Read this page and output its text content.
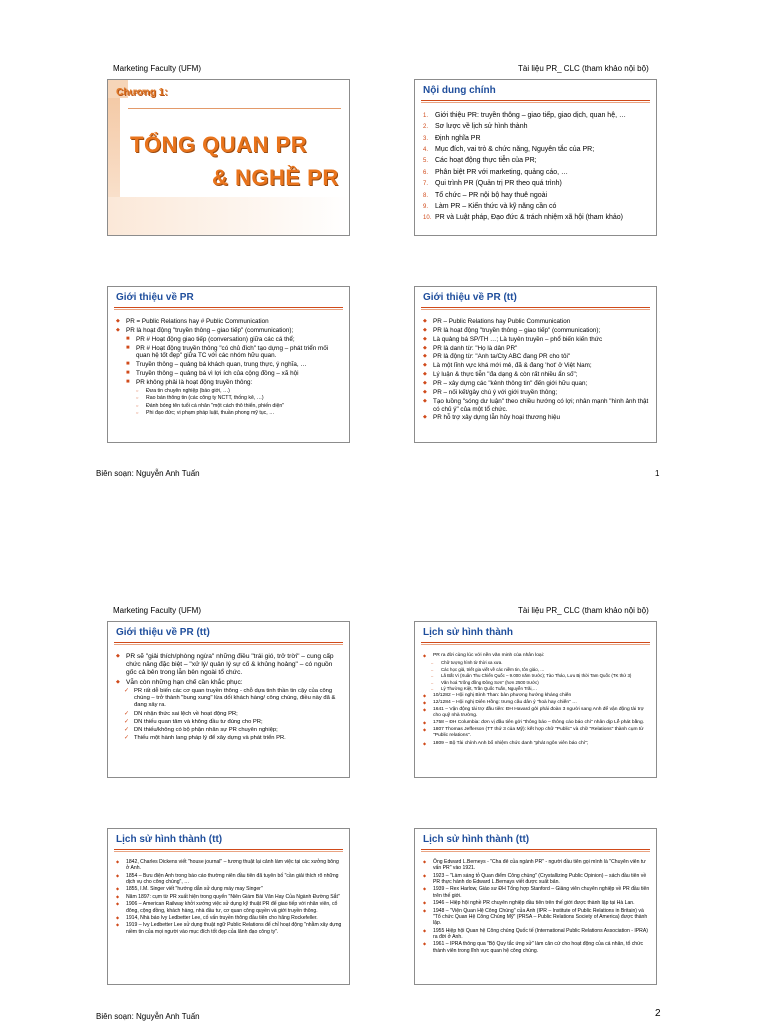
Marketing Faculty (UFM)	Tài liệu PR_ CLC (tham khảo nội bộ)
Chương 1:
TỔNG QUAN PR
& NGHỀ PR
Nội dung chính
1. Giới thiệu PR: truyền thông – giao tiếp, giao dịch, quan hệ, …
2. Sơ lược về lịch sử hình thành
3. Định nghĩa PR
4. Mục đích, vai trò & chức năng, Nguyên tắc của PR;
5. Các hoạt động thực tiễn của PR;
6. Phân biệt PR với marketing, quảng cáo, …
7. Qui trình PR (Quản trị PR theo quá trình)
8. Tổ chức – PR nội bộ hay thuê ngoài
9. Làm PR – Kiến thức và kỹ năng cần có
10. PR và Luật pháp, Đạo đức & trách nhiệm xã hội (tham khảo)
Giới thiệu về PR
◆ PR = Public Relations hay # Public Communication
◆ PR là hoạt động "truyền thông – giao tiếp" (communication);
■	PR # Hoạt động giao tiếp (conversation) giữa các cá thể;
■	PR # Hoạt động truyền thông "có chủ đích" tạo dựng – phát triển mối quan hệ tốt đẹp" giữa TC với các nhóm hữu quan.
■	Truyền thông – quảng bá khách quan, trung thực, ý nghĩa, …
■	Truyền thông – quảng bá vì lợi ích của cộng đồng – xã hội
■	PR không phải là hoạt động truyền thông:
○	Đưa tin chuyên nghiệp (báo giới, …)
○	Rao bán thông tin (các công ty NCTT, thống kê, …)
○	Đánh bóng tên tuổi cá nhân "một cách thô thiển, phiến diện"
○	Phi đạo đức; vi phạm pháp luật, thuần phong mỹ tục, …
Giới thiệu về PR (tt)
◆ PR – Public Relations hay Public Communication
◆ PR là hoạt động "truyền thông – giao tiếp" (communication);
◆ Là quảng bá SP/TH …; Là tuyên truyền – phổ biến kiến thức
◆ PR là danh từ: "Họ là dân PR"
◆ PR là động từ: "Anh ta/Cty ABC đang PR cho tôi"
◆ Là một lĩnh vực khá mới mẻ, đã & đang 'hot' ở Việt Nam;
◆ Lý luận & thực tiễn "đa dạng & còn rất nhiều ẩn số";
◆ PR – xây dựng các "kênh thông tin" đến giới hữu quan;
◆ PR – nối kết/gây chú ý với giới truyền thông;
◆ Tạo luồng "sóng dư luận" theo chiều hướng có lợi; nhân mạnh "hình ảnh thật có chủ ý" của một tổ chức.
◆ PR hỗ trợ xây dựng lẫn hủy hoại thương hiệu
Biên soạn: Nguyễn Anh Tuấn	1
Marketing Faculty (UFM)	Tài liệu PR_ CLC (tham khảo nội bộ)
Giới thiệu về PR (tt)
◆ PR sẽ "giải thích/phòng ngừa" những điều "trái gió, trở trời" – cung cấp chức năng đặc biệt – "xử lý/ quản lý sự cố & khủng hoảng" – có nguồn gốc cả bên trong lẫn bên ngoài tổ chức.
◆ Vẫn còn những hạn chế cần khắc phục:
✓ PR rất dễ biến các cơ quan truyền thông - chỗ dựa tinh thần tin cậy của công chúng – trở thành "bung xung" lừa dối khách hàng/ công chúng, điều này đã & đang xảy ra.
✓ DN nhận thức sai lệch về hoạt động PR;
✓ DN thiếu quan tâm và không đầu tư đúng cho PR;
✓ DN thiếu/không có bộ phận nhân sự PR chuyên nghiệp;
✓ Thiếu một hành lang pháp lý để xây dựng và phát triển PR.
Lịch sử hình thành
◆	PR ra đời cùng lúc với nền văn minh của nhân loại:
–	Chữ tượng hình từ thời xa xưa.
–	Các học giả, triết gia viết về các niềm tin, tôn giáo, …
–	Lã Bất Vi (Xuân Thu Chiến Quốc – 9.000 năm trước); Tào Tháo, Lưu Bị thời Tam Quốc (TK thứ 3)
–	Văn hoá "trống đồng Đông Sơn" (hơn 2500 trước)
–	Lý Thường Kiệt, Trần Quốc Tuấn, Nguyễn Trãi,…
◆	10/1282 – Hội nghị Bình Than: bàn phương hướng kháng chiến
◆	12/1284 – Hội nghị Diên Hồng: trưng cầu dân ý "hoà hay chiến" …
◆	1641 – Vận động tài trợ đầu tiên: ĐH Havard gởi phái đoàn 3 người sang Anh để vận động tài trợ cho quỹ nhà trường.
◆	1758 – ĐH Columbia: đơn vị đầu tiên gởi "thông báo – thông cáo báo chí" nhân dịp Lễ phát bằng.
◆	1807 Thomas Jefferson (TT thứ 3 của Mỹ): kết hợp chữ "Public" và chữ "Relations" thành cụm từ "Public relations".
◆	1809 – Bộ Tài chính Anh bổ nhiệm chức danh "phát ngôn viên báo chí";
Lịch sử hình thành (tt)
◆	1842, Charles Dickens viết "house journal" – tương thuật lại cảnh làm việc tại các xưởng bông ở Anh.
◆	1854 – Bưu điện Anh trong báo cáo thường niên đầu tiên đã tuyên bố "cần giải thích rõ những dịch vụ cho công chúng", …
◆	1855, I.M. Singer viết "hướng dẫn sử dụng máy may Singer"
◆	Năm 1897: cụm từ PR xuất hiện trong quyển "Niên Giám Bài Văn Hay Của Ngành Đường Sắt"
◆	1906 – American Railway khởi xướng việc sử dụng kỹ thuật PR để giao tiếp với nhân viên, cổ đông, cộng đồng, khách hàng, nhà đầu tư, cơ quan công quyền và giới truyền thông.
◆	1914, Nhà báo Ivy Ledbetter Lee, cố vấn truyền thông đầu tiên cho hãng Rockefeller.
◆	1919 – Ivy Ledbetter Lee sử dụng thuật ngữ Public Relations để chỉ hoạt động "nhằm xây dựng niềm tin của mọi người vào mục đích tốt đẹp của lãnh đạo công ty".
Lịch sử hình thành (tt)
◆	Ông Edward L.Berneys - "Cha đẻ của ngành PR" - người đầu tiên gọi mình là "Chuyên viên tư vấn PR" vào 1921.
◆	1923 – "Làm sáng tỏ Quan điểm Công chúng" (Crystallizing Public Opinion) – sách đầu tiên về PR thực hành do Edward L.Bernays viết được xuất bản.
◆	1939 – Rex Harlow, Giáo sư ĐH Tổng hợp Stanford – Giảng viên chuyên nghiệp về PR đầu tiên trên thế giới.
◆	1946 – Hiệp hội nghề PR chuyên nghiệp đầu tiên trên thế giới được thành lập tại Hà Lan.
◆	1948 – "Viện Quan Hệ Công Chúng" của Anh (IPR – Institute of Public Relations in Britain) và "Tổ chức Quan Hệ Công Chúng Mỹ" (PRSA – Public Relations Society of America) được thành lập.
◆	1955 Hiệp hội Quan hệ Công chúng Quốc tế (International Public Relations Association - IPRA) ra đời ở Anh.
◆	1961 – IPRA thông qua "Bộ Quy tắc ứng xử" làm căn cứ cho hoạt động của cá nhân, tổ chức thành viên trong lĩnh vực quan hệ công chúng.
Biên soạn: Nguyễn Anh Tuấn	2
